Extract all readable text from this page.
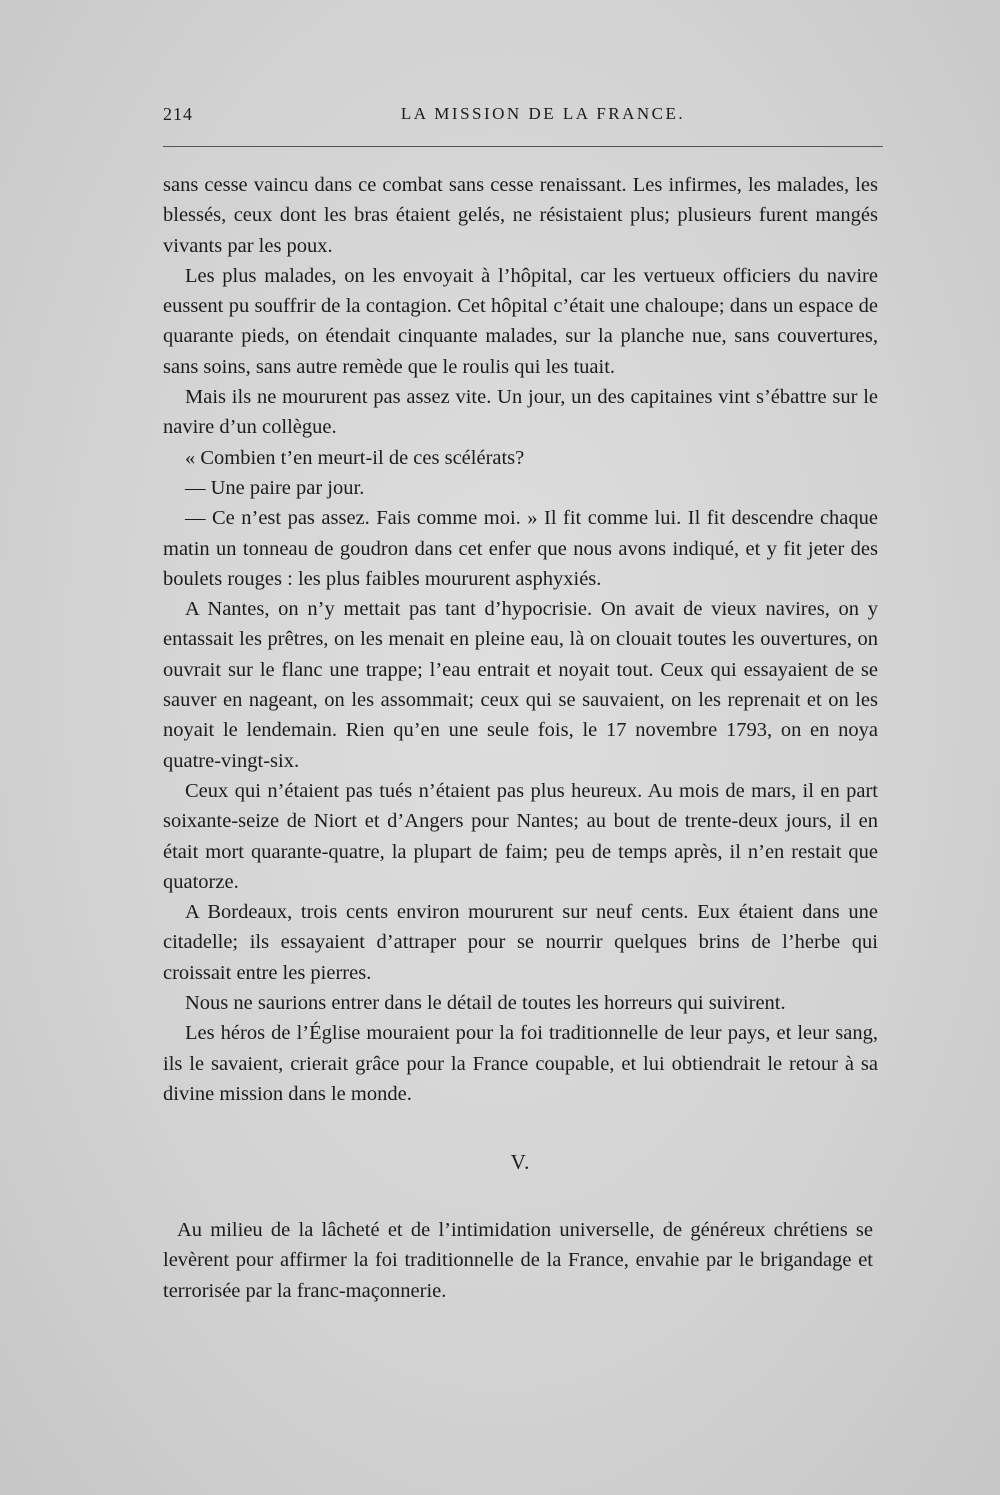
214	LA MISSION DE LA FRANCE.

sans cesse vaincu dans ce combat sans cesse renaissant. Les infirmes, les malades, les blessés, ceux dont les bras étaient gelés, ne résistaient plus; plusieurs furent mangés vivants par les poux.

Les plus malades, on les envoyait à l’hôpital, car les vertueux officiers du navire eussent pu souffrir de la contagion. Cet hôpital c’était une chaloupe; dans un espace de quarante pieds, on étendait cinquante malades, sur la planche nue, sans couvertures, sans soins, sans autre remède que le roulis qui les tuait.

Mais ils ne moururent pas assez vite. Un jour, un des capitaines vint s’ébattre sur le navire d’un collègue.

« Combien t’en meurt-il de ces scélérats?

— Une paire par jour.

— Ce n’est pas assez. Fais comme moi. » Il fit comme lui. Il fit descendre chaque matin un tonneau de goudron dans cet enfer que nous avons indiqué, et y fit jeter des boulets rouges : les plus faibles moururent asphyxiés.

A Nantes, on n’y mettait pas tant d’hypocrisie. On avait de vieux navires, on y entassait les prêtres, on les menait en pleine eau, là on clouait toutes les ouvertures, on ouvrait sur le flanc une trappe; l’eau entrait et noyait tout. Ceux qui essayaient de se sauver en nageant, on les assommait; ceux qui se sauvaient, on les reprenait et on les noyait le lendemain. Rien qu’en une seule fois, le 17 novembre 1793, on en noya quatre-vingt-six.

Ceux qui n’étaient pas tués n’étaient pas plus heureux. Au mois de mars, il en part soixante-seize de Niort et d’Angers pour Nantes; au bout de trente-deux jours, il en était mort quarante-quatre, la plupart de faim; peu de temps après, il n’en restait que quatorze.

A Bordeaux, trois cents environ moururent sur neuf cents. Eux étaient dans une citadelle; ils essayaient d’attraper pour se nourrir quelques brins de l’herbe qui croissait entre les pierres.

Nous ne saurions entrer dans le détail de toutes les horreurs qui suivirent.

Les héros de l’Église mouraient pour la foi traditionnelle de leur pays, et leur sang, ils le savaient, crierait grâce pour la France coupable, et lui obtiendrait le retour à sa divine mission dans le monde.

V.

Au milieu de la lâcheté et de l’intimidation universelle, de généreux chrétiens se levèrent pour affirmer la foi traditionnelle de la France, envahie par le brigandage et terrorisée par la franc-maçonnerie.
